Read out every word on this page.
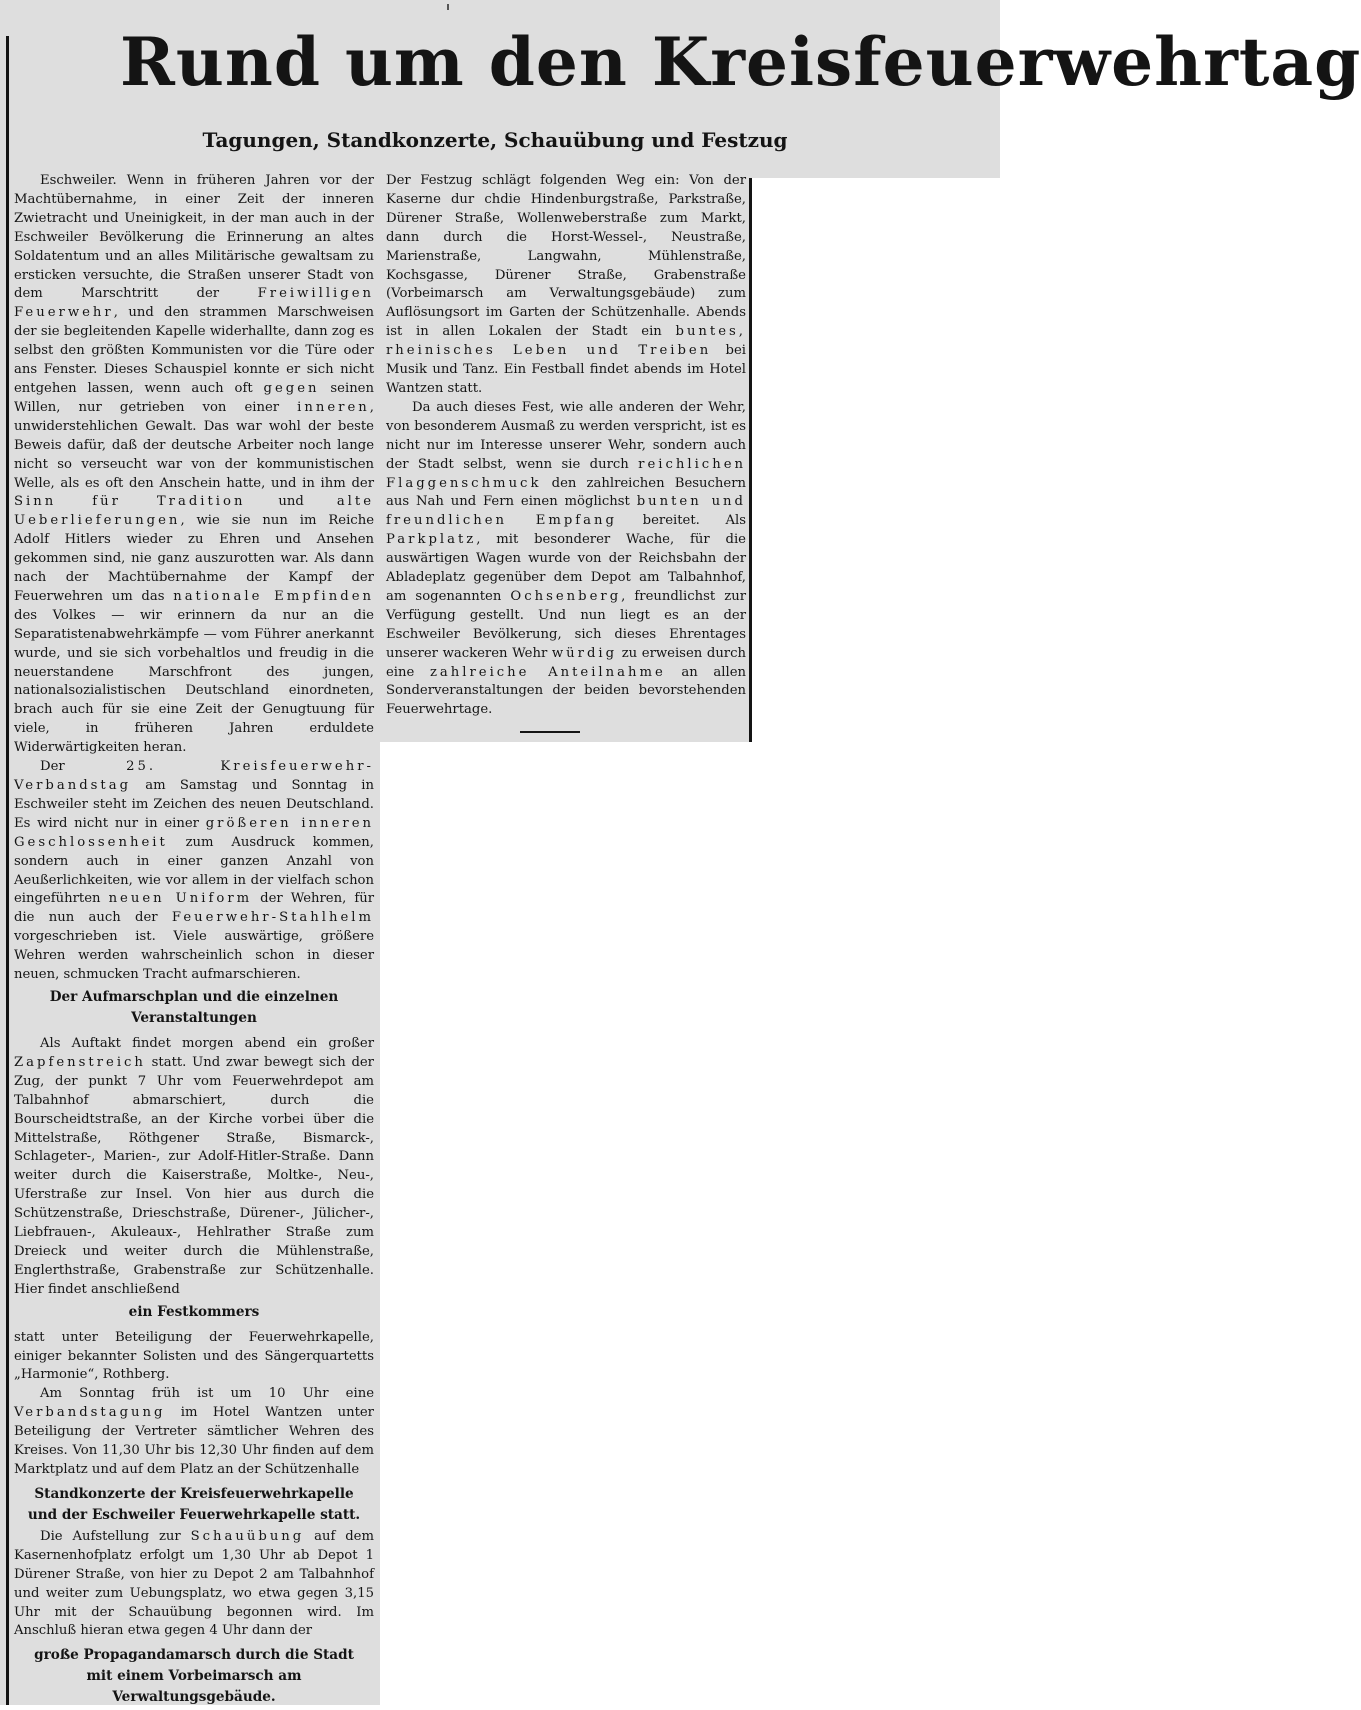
Rund um den Kreisfeuerwehrtag
Tagungen, Standkonzerte, Schauübung und Festzug

Eschweiler. Wenn in früheren Jahren vor der Machtübernahme, in einer Zeit der inneren Zwietracht und Uneinigkeit, in der man auch in der Eschweiler Bevölkerung die Erinnerung an altes Soldatentum und an alles Militärische gewaltsam zu ersticken versuchte, die Straßen unserer Stadt von dem Marschtritt der Freiwilligen Feuerwehr, und den strammen Marschweisen der sie begleitenden Kapelle widerhallte, dann zog es selbst den größten Kommunisten vor die Türe oder ans Fenster. Dieses Schauspiel konnte er sich nicht entgehen lassen, wenn auch oft gegen seinen Willen, nur getrieben von einer inneren, unwiderstehlichen Gewalt. Das war wohl der beste Beweis dafür, daß der deutsche Arbeiter noch lange nicht so verseucht war von der kommunistischen Welle, als es oft den Anschein hatte, und in ihm der Sinn für Tradition und alte Ueberlieferungen, wie sie nun im Reiche Adolf Hitlers wieder zu Ehren und Ansehen gekommen sind, nie ganz auszurotten war. Als dann nach der Machtübernahme der Kampf der Feuerwehren um das nationale Empfinden des Volkes — wir erinnern da nur an die Separatistenabwehrkämpfe — vom Führer anerkannt wurde, und sie sich vorbehaltlos und freudig in die neuerstandene Marschfront des jungen, nationalsozialistischen Deutschland einordneten, brach auch für sie eine Zeit der Genugtuung für viele, in früheren Jahren erduldete Widerwärtigkeiten heran.

Der 25. Kreisfeuerwehr-Verbandstag am Samstag und Sonntag in Eschweiler steht im Zeichen des neuen Deutschland. Es wird nicht nur in einer größeren inneren Geschlossenheit zum Ausdruck kommen, sondern auch in einer ganzen Anzahl von Aeußerlichkeiten, wie vor allem in der vielfach schon eingeführten neuen Uniform der Wehren, für die nun auch der Feuerwehr-Stahlhelm vorgeschrieben ist. Viele auswärtige, größere Wehren werden wahrscheinlich schon in dieser neuen, schmucken Tracht aufmarschieren.

Der Aufmarschplan und die einzelnen Veranstaltungen

Als Auftakt findet morgen abend ein großer Zapfenstreich statt. Und zwar bewegt sich der Zug, der punkt 7 Uhr vom Feuerwehrdepot am Talbahnhof abmarschiert, durch die Bourscheidtstraße, an der Kirche vorbei über die Mittelstraße, Röthgener Straße, Bismarck-, Schlageter-, Marien-, zur Adolf-Hitler-Straße. Dann weiter durch die Kaiserstraße, Moltke-, Neu-, Uferstraße zur Insel. Von hier aus durch die Schützenstraße, Drieschstraße, Dürener-, Jülicher-, Liebfrauen-, Akuleaux-, Hehlrather Straße zum Dreieck und weiter durch die Mühlenstraße, Englerthstraße, Grabenstraße zur Schützenhalle. Hier findet anschließend

ein Festkommers

statt unter Beteiligung der Feuerwehrkapelle, einiger bekannter Solisten und des Sängerquartetts „Harmonie“, Rothberg.

Am Sonntag früh ist um 10 Uhr eine Verbandstagung im Hotel Wantzen unter Beteiligung der Vertreter sämtlicher Wehren des Kreises. Von 11,30 Uhr bis 12,30 Uhr finden auf dem Marktplatz und auf dem Platz an der Schützenhalle

Standkonzerte der Kreisfeuerwehrkapelle
und der Eschweiler Feuerwehrkapelle statt.

Die Aufstellung zur Schauübung auf dem Kasernenhofplatz erfolgt um 1,30 Uhr ab Depot 1 Dürener Straße, von hier zu Depot 2 am Talbahnhof und weiter zum Uebungsplatz, wo etwa gegen 3,15 Uhr mit der Schauübung begonnen wird. Im Anschluß hieran etwa gegen 4 Uhr dann der

große Propagandamarsch durch die Stadt
mit einem Vorbeimarsch am Verwaltungsgebäude.

Der Festzug schlägt folgenden Weg ein: Von der Kaserne dur chdie Hindenburgstraße, Parkstraße, Dürener Straße, Wollenweberstraße zum Markt, dann durch die Horst-Wessel-, Neustraße, Marienstraße, Langwahn, Mühlenstraße, Kochsgasse, Dürener Straße, Grabenstraße (Vorbeimarsch am Verwaltungsgebäude) zum Auflösungsort im Garten der Schützenhalle. Abends ist in allen Lokalen der Stadt ein buntes, rheinisches Leben und Treiben bei Musik und Tanz. Ein Festball findet abends im Hotel Wantzen statt.

Da auch dieses Fest, wie alle anderen der Wehr, von besonderem Ausmaß zu werden verspricht, ist es nicht nur im Interesse unserer Wehr, sondern auch der Stadt selbst, wenn sie durch reichlichen Flaggenschmuck den zahlreichen Besuchern aus Nah und Fern einen möglichst bunten und freundlichen Empfang bereitet. Als Parkplatz, mit besonderer Wache, für die auswärtigen Wagen wurde von der Reichsbahn der Abladeplatz gegenüber dem Depot am Talbahnhof, am sogenannten Ochsenberg, freundlichst zur Verfügung gestellt. Und nun liegt es an der Eschweiler Bevölkerung, sich dieses Ehrentages unserer wackeren Wehr würdig zu erweisen durch eine zahlreiche Anteilnahme an allen Sonderveranstaltungen der beiden bevorstehenden Feuerwehrtage.
